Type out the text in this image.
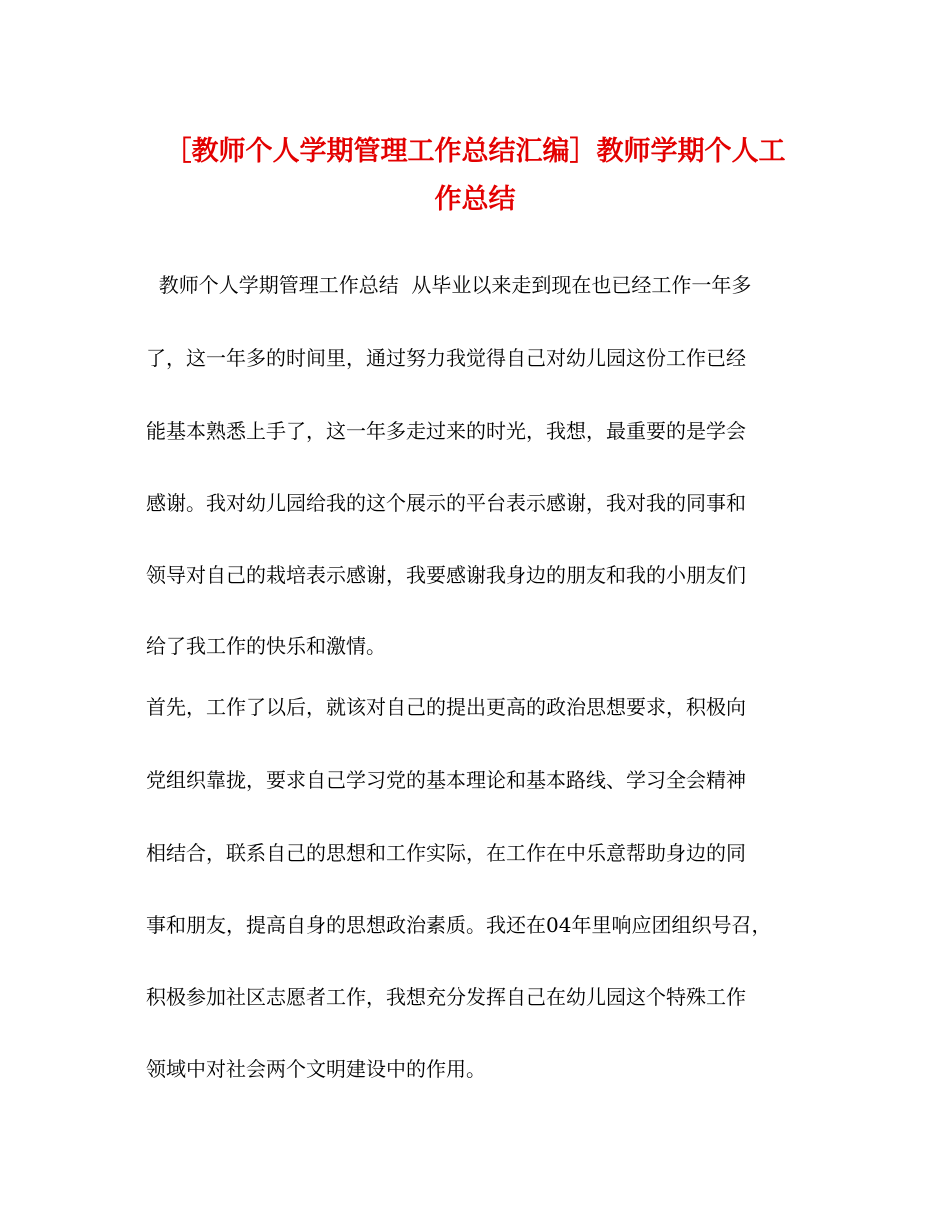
［教师个人学期管理工作总结汇编］教师学期个人工
作总结
教师个人学期管理工作总结  从毕业以来走到现在也已经工作一年多
了，这一年多的时间里，通过努力我觉得自己对幼儿园这份工作已经
能基本熟悉上手了，这一年多走过来的时光，我想，最重要的是学会
感谢。我对幼儿园给我的这个展示的平台表示感谢，我对我的同事和
领导对自己的栽培表示感谢，我要感谢我身边的朋友和我的小朋友们
给了我工作的快乐和激情。
首先，工作了以后，就该对自己的提出更高的政治思想要求，积极向
党组织靠拢，要求自己学习党的基本理论和基本路线、学习全会精神
相结合，联系自己的思想和工作实际，在工作在中乐意帮助身边的同
事和朋友，提高自身的思想政治素质。我还在04年里响应团组织号召，
积极参加社区志愿者工作，我想充分发挥自己在幼儿园这个特殊工作
领域中对社会两个文明建设中的作用。
